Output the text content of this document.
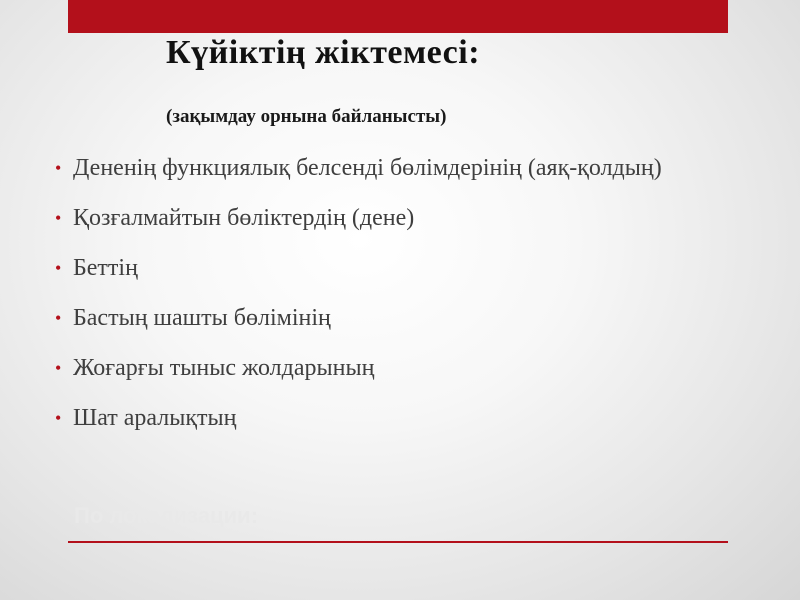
Күйіктің жіктемесі:
(зақымдау орнына байланысты)
• Дененің функциялық белсенді бөлімдерінің (аяқ-қолдың)
• Қозғалмайтын бөліктердің (дене)
• Беттің
• Бастың шашты бөлімінің
• Жоғарғы тыныс жолдарының
• Шат аралықтың
По локализации:
